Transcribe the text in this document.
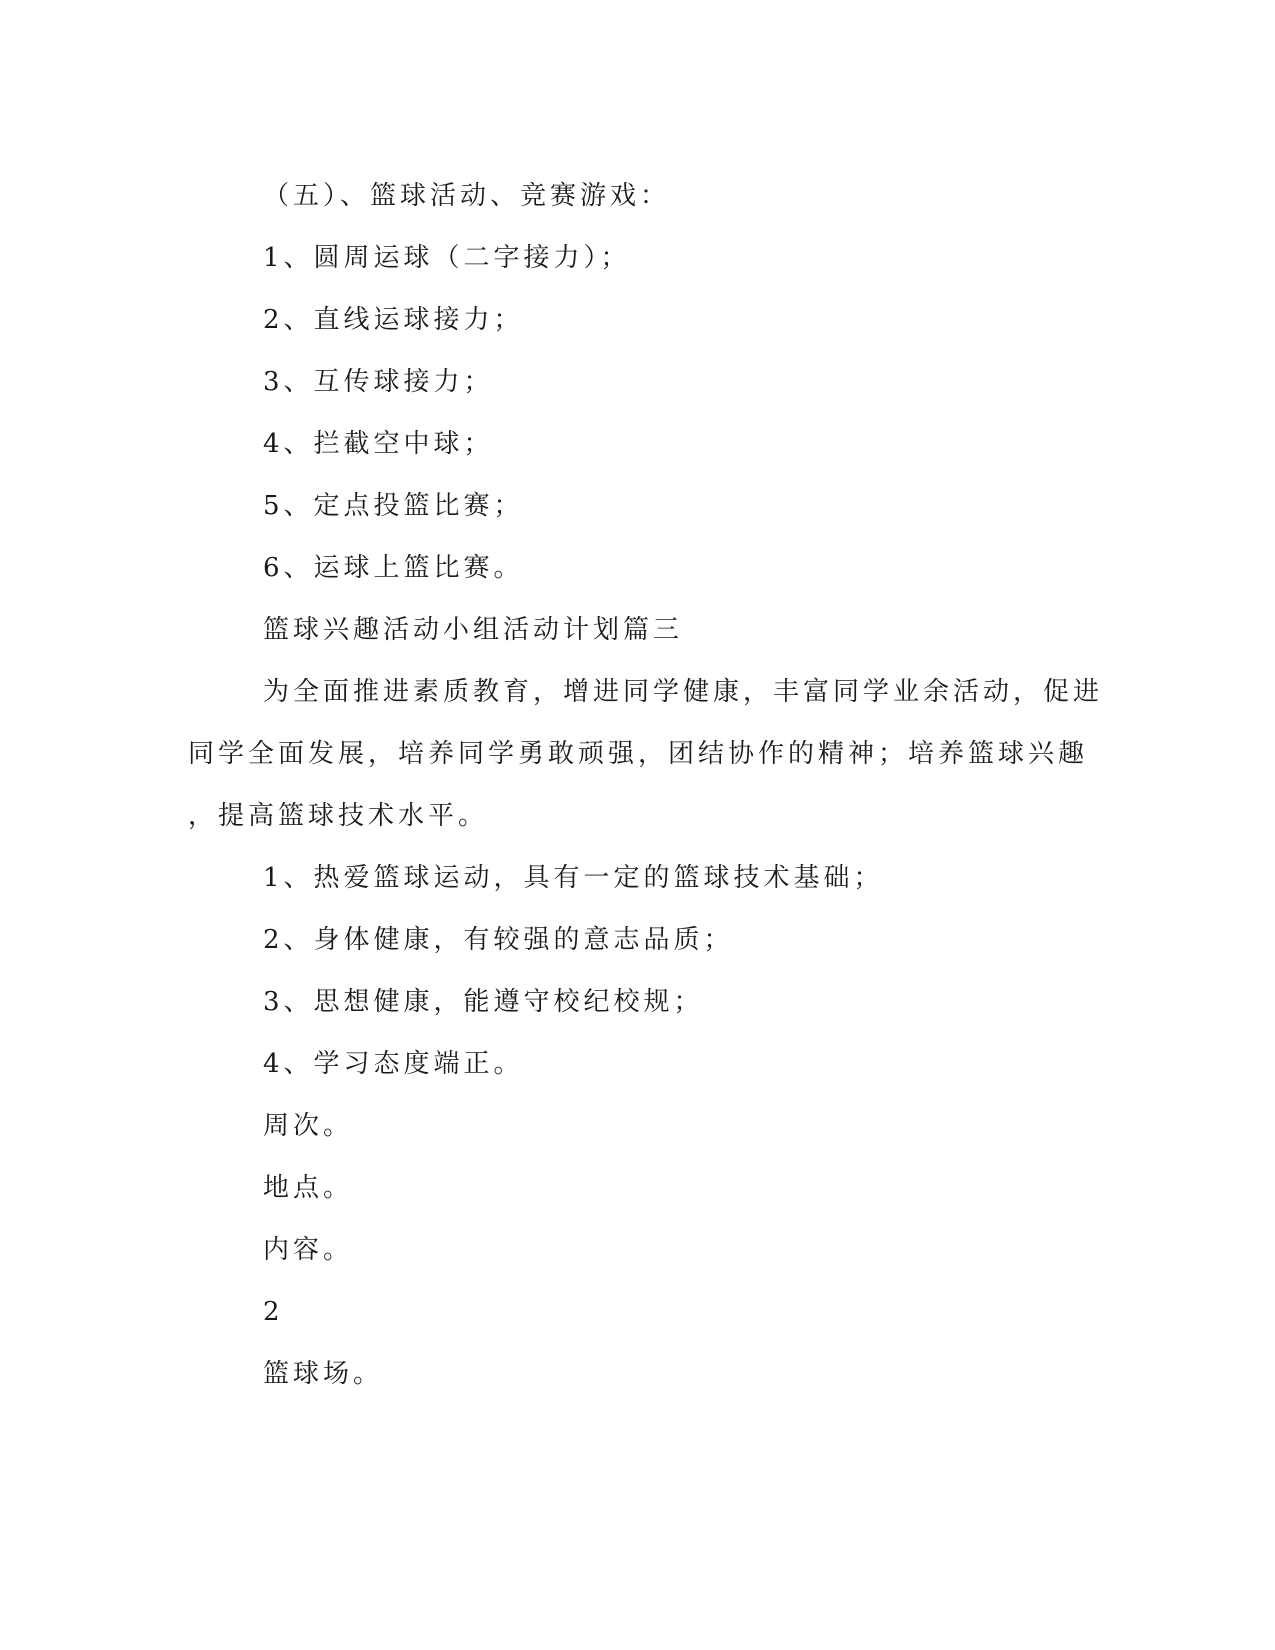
（五）、篮球活动、竞赛游戏：
1、圆周运球（二字接力）；
2、直线运球接力；
3、互传球接力；
4、拦截空中球；
5、定点投篮比赛；
6、运球上篮比赛。
篮球兴趣活动小组活动计划篇三
为全面推进素质教育，增进同学健康，丰富同学业余活动，促进
同学全面发展，培养同学勇敢顽强，团结协作的精神；培养篮球兴趣
，提高篮球技术水平。
1、热爱篮球运动，具有一定的篮球技术基础；
2、身体健康，有较强的意志品质；
3、思想健康，能遵守校纪校规；
4、学习态度端正。
周次。
地点。
内容。
2
篮球场。
